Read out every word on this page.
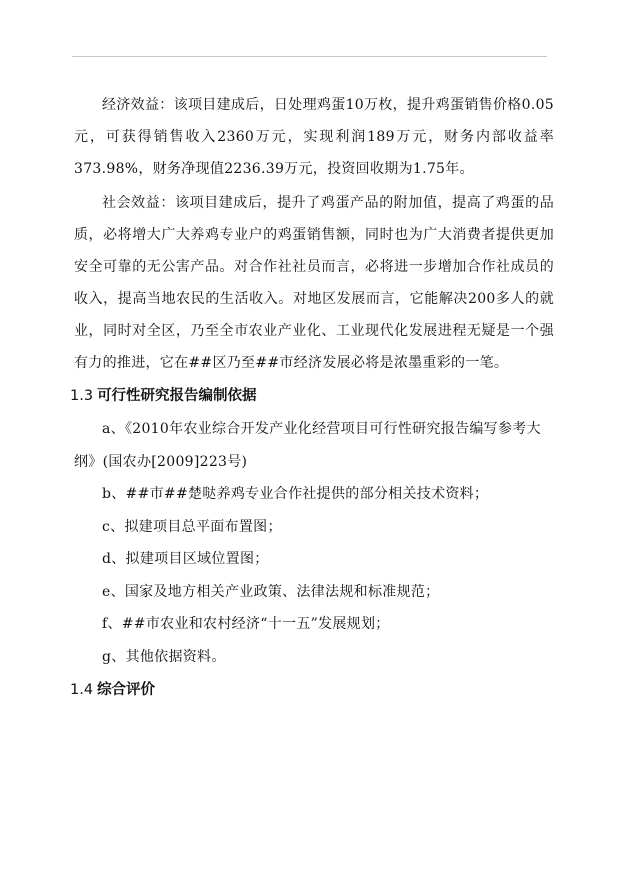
经济效益：该项目建成后，日处理鸡蛋10万枚，提升鸡蛋销售价格0.05元，可获得销售收入2360万元，实现利润189万元，财务内部收益率373.98%，财务净现值2236.39万元，投资回收期为1.75年。

社会效益：该项目建成后，提升了鸡蛋产品的附加值，提高了鸡蛋的品质，必将增大广大养鸡专业户的鸡蛋销售额，同时也为广大消费者提供更加安全可靠的无公害产品。对合作社社员而言，必将进一步增加合作社成员的收入，提高当地农民的生活收入。对地区发展而言，它能解决200多人的就业，同时对全区，乃至全市农业产业化、工业现代化发展进程无疑是一个强有力的推进，它在##区乃至##市经济发展必将是浓墨重彩的一笔。

1.3 可行性研究报告编制依据

a、《2010年农业综合开发产业化经营项目可行性研究报告编写参考大纲》(国农办[2009]223号)

b、##市##楚哒养鸡专业合作社提供的部分相关技术资料；

c、拟建项目总平面布置图；

d、拟建项目区域位置图；

e、国家及地方相关产业政策、法律法规和标准规范；

f、##市农业和农村经济“十一五”发展规划；

g、其他依据资料。

1.4 综合评价
